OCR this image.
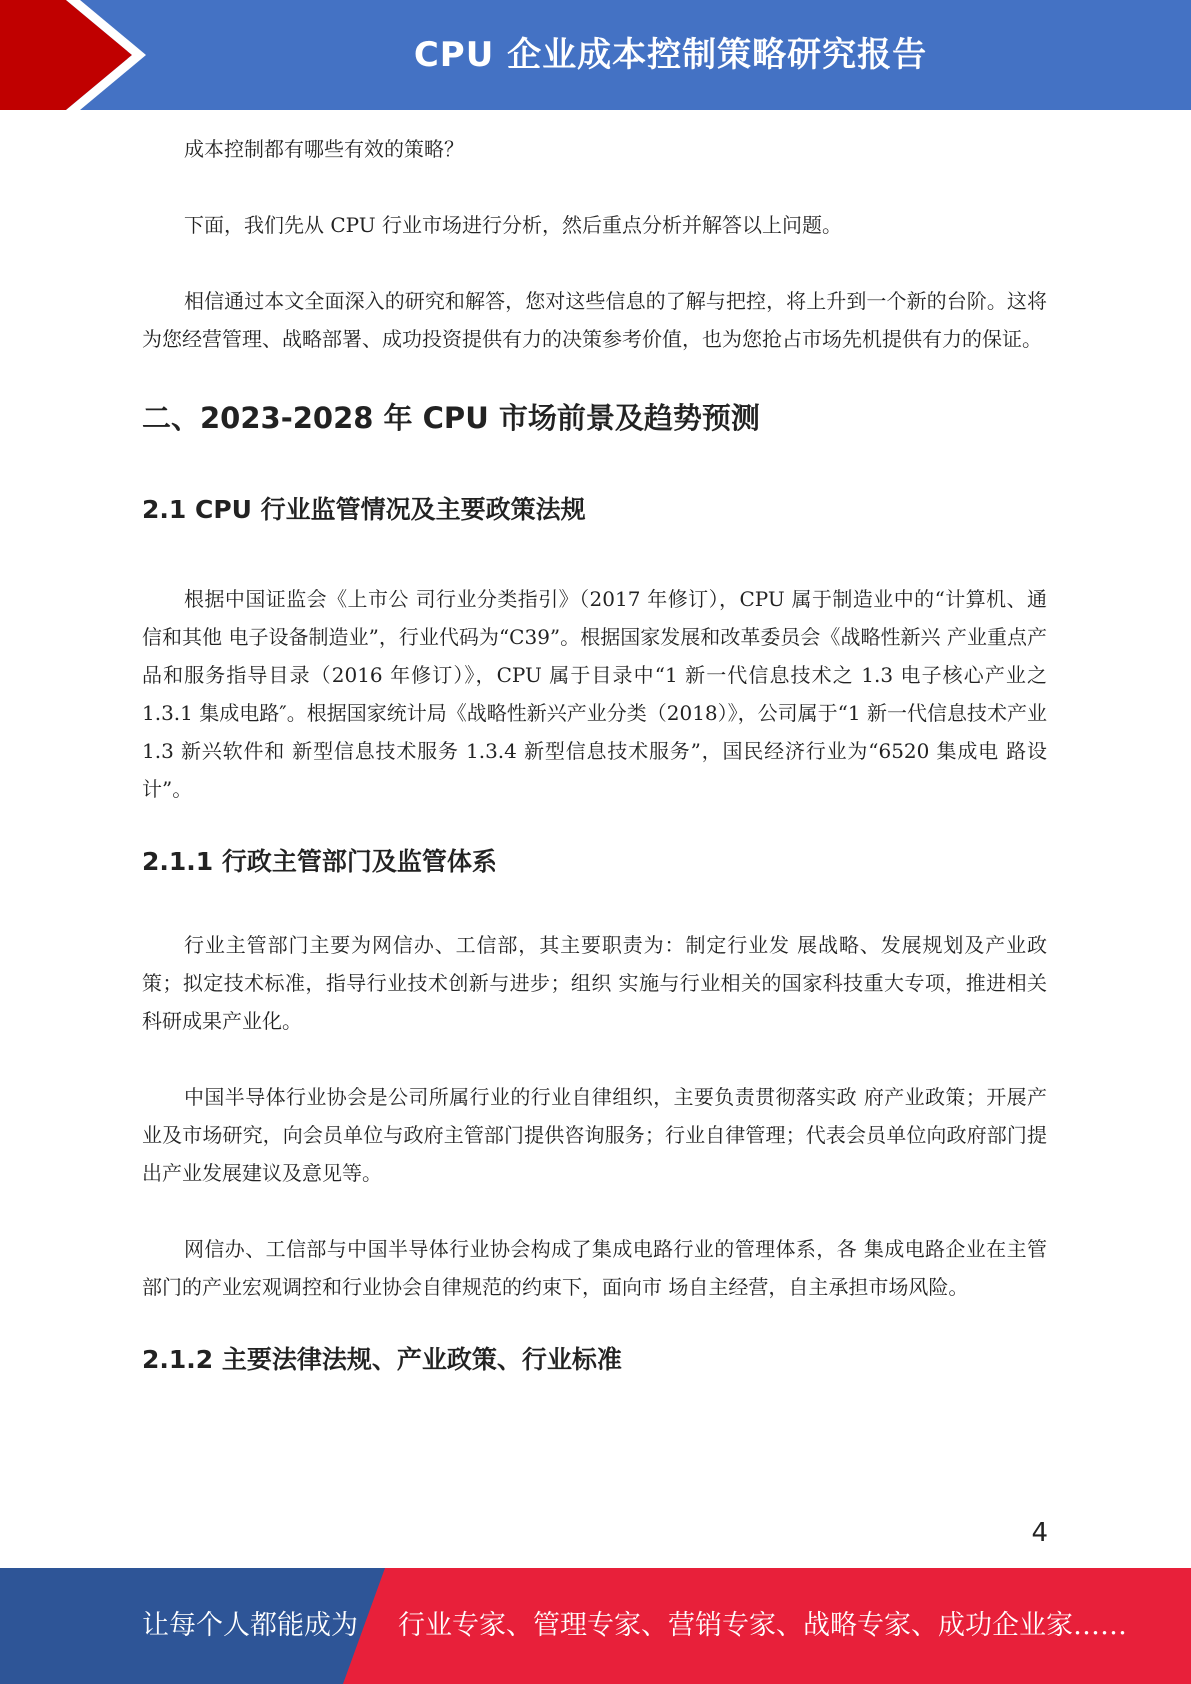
CPU 企业成本控制策略研究报告

成本控制都有哪些有效的策略？

下面，我们先从 CPU 行业市场进行分析，然后重点分析并解答以上问题。

相信通过本文全面深入的研究和解答，您对这些信息的了解与把控，将上升到一个新的台阶。这将为您经营管理、战略部署、成功投资提供有力的决策参考价值，也为您抢占市场先机提供有力的保证。

二、2023-2028 年 CPU 市场前景及趋势预测
2.1 CPU 行业监管情况及主要政策法规

根据中国证监会《上市公 司行业分类指引》（2017 年修订），CPU 属于制造业中的“计算机、通信和其他 电子设备制造业”，行业代码为“C39”。根据国家发展和改革委员会《战略性新兴 产业重点产品和服务指导目录（2016 年修订）》，CPU 属于目录中“1 新一代信息技术之 1.3 电子核心产业之 1.3.1 集成电路″。根据国家统计局《战略性新兴产业分类（2018）》，公司属于“1 新一代信息技术产业 1.3 新兴软件和 新型信息技术服务 1.3.4 新型信息技术服务”，国民经济行业为“6520 集成电 路设计”。

2.1.1 行政主管部门及监管体系

行业主管部门主要为网信办、工信部，其主要职责为：制定行业发 展战略、发展规划及产业政策；拟定技术标准，指导行业技术创新与进步；组织 实施与行业相关的国家科技重大专项，推进相关科研成果产业化。

中国半导体行业协会是公司所属行业的行业自律组织，主要负责贯彻落实政 府产业政策；开展产业及市场研究，向会员单位与政府主管部门提供咨询服务；行业自律管理；代表会员单位向政府部门提出产业发展建议及意见等。

网信办、工信部与中国半导体行业协会构成了集成电路行业的管理体系，各 集成电路企业在主管部门的产业宏观调控和行业协会自律规范的约束下，面向市 场自主经营，自主承担市场风险。

2.1.2 主要法律法规、产业政策、行业标准
4
让每个人都能成为 行业专家、管理专家、营销专家、战略专家、成功企业家……
